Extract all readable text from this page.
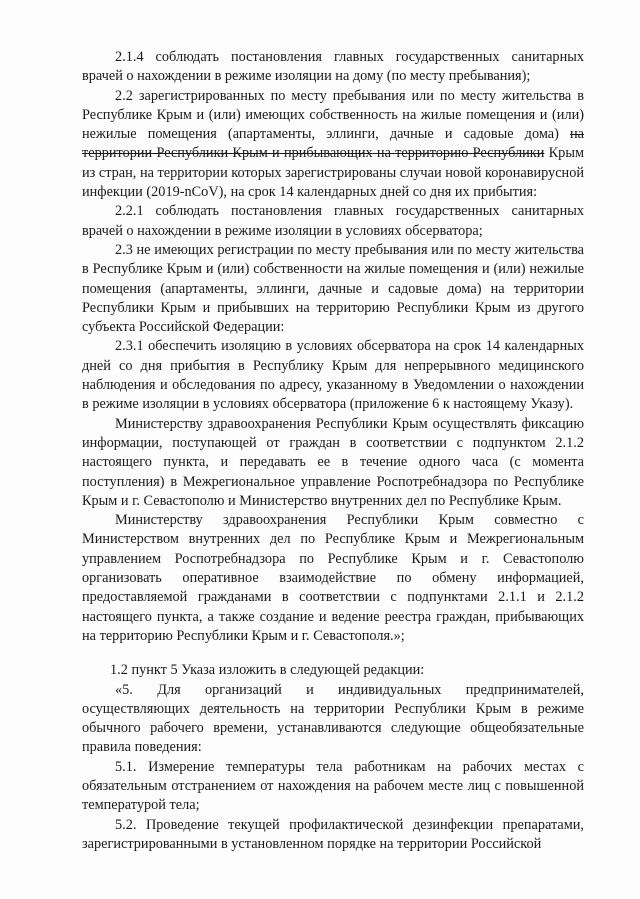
2.1.4 соблюдать постановления главных государственных санитарных врачей о нахождении в режиме изоляции на дому (по месту пребывания);

2.2 зарегистрированных по месту пребывания или по месту жительства в Республике Крым и (или) имеющих собственность на жилые помещения и (или) нежилые помещения (апартаменты, эллинги, дачные и садовые дома) на территории Республики Крым и прибывающих на территорию Республики Крым из стран, на территории которых зарегистрированы случаи новой коронавирусной инфекции (2019-nCoV), на срок 14 календарных дней со дня их прибытия:

2.2.1 соблюдать постановления главных государственных санитарных врачей о нахождении в режиме изоляции в условиях обсерватора;

2.3 не имеющих регистрации по месту пребывания или по месту жительства в Республике Крым и (или) собственности на жилые помещения и (или) нежилые помещения (апартаменты, эллинги, дачные и садовые дома) на территории Республики Крым и прибывших на территорию Республики Крым из другого субъекта Российской Федерации:

2.3.1 обеспечить изоляцию в условиях обсерватора на срок 14 календарных дней со дня прибытия в Республику Крым для непрерывного медицинского наблюдения и обследования по адресу, указанному в Уведомлении о нахождении в режиме изоляции в условиях обсерватора (приложение 6 к настоящему Указу).

Министерству здравоохранения Республики Крым осуществлять фиксацию информации, поступающей от граждан в соответствии с подпунктом 2.1.2 настоящего пункта, и передавать ее в течение одного часа (с момента поступления) в Межрегиональное управление Роспотребнадзора по Республике Крым и г. Севастополю и Министерство внутренних дел по Республике Крым.

Министерству здравоохранения Республики Крым совместно с Министерством внутренних дел по Республике Крым и Межрегиональным управлением Роспотребнадзора по Республике Крым и г. Севастополю организовать оперативное взаимодействие по обмену информацией, предоставляемой гражданами в соответствии с подпунктами 2.1.1 и 2.1.2 настоящего пункта, а также создание и ведение реестра граждан, прибывающих на территорию Республики Крым и г. Севастополя.»;

1.2 пункт 5 Указа изложить в следующей редакции:

«5. Для организаций и индивидуальных предпринимателей, осуществляющих деятельность на территории Республики Крым в режиме обычного рабочего времени, устанавливаются следующие общеобязательные правила поведения:

5.1. Измерение температуры тела работникам на рабочих местах с обязательным отстранением от нахождения на рабочем месте лиц с повышенной температурой тела;

5.2. Проведение текущей профилактической дезинфекции препаратами, зарегистрированными в установленном порядке на территории Российской
